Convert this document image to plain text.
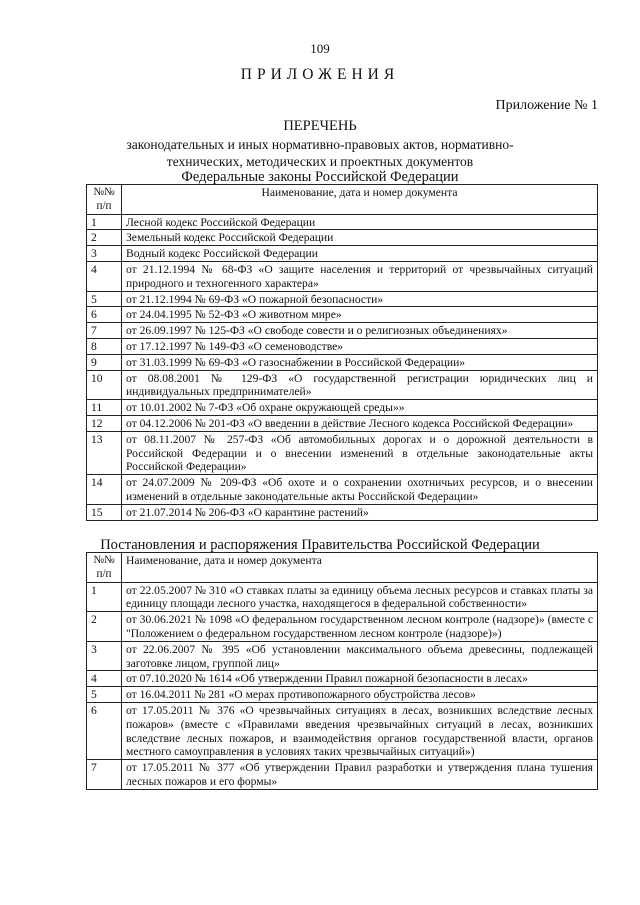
109
ПРИЛОЖЕНИЯ
Приложение № 1
ПЕРЕЧЕНЬ
законодательных и иных нормативно-правовых актов, нормативно-
технических, методических и проектных документов
Федеральные законы Российской Федерации
№№ п/п	Наименование, дата и номер документа
1	Лесной кодекс Российской Федерации
2	Земельный кодекс Российской Федерации
3	Водный кодекс Российской Федерации
4	от 21.12.1994 № 68-ФЗ «О защите населения и территорий от чрезвычайных ситуаций природного и техногенного характера»
5	от 21.12.1994 № 69-ФЗ «О пожарной безопасности»
6	от 24.04.1995 № 52-ФЗ «О животном мире»
7	от 26.09.1997 № 125-ФЗ «О свободе совести и о религиозных объединениях»
8	от 17.12.1997 № 149-ФЗ «О семеноводстве»
9	от 31.03.1999 № 69-ФЗ «О газоснабжении в Российской Федерации»
10	от 08.08.2001 № 129-ФЗ «О государственной регистрации юридических лиц и индивидуальных предпринимателей»
11	от 10.01.2002 № 7-ФЗ «Об охране окружающей среды»»
12	от 04.12.2006 № 201-ФЗ «О введении в действие Лесного кодекса Российской Федерации»
13	от 08.11.2007 № 257-ФЗ «Об автомобильных дорогах и о дорожной деятельности в Российской Федерации и о внесении изменений в отдельные законодательные акты Российской Федерации»
14	от 24.07.2009 № 209-ФЗ «Об охоте и о сохранении охотничьих ресурсов, и о внесении изменений в отдельные законодательные акты Российской Федерации»
15	от 21.07.2014 № 206-ФЗ «О карантине растений»
Постановления и распоряжения Правительства Российской Федерации
№№ п/п	Наименование, дата и номер документа
1	от 22.05.2007 № 310 «О ставках платы за единицу объема лесных ресурсов и ставках платы за единицу площади лесного участка, находящегося в федеральной собственности»
2	от 30.06.2021 № 1098 «О федеральном государственном лесном контроле (надзоре)» (вместе с "Положением о федеральном государственном лесном контроле (надзоре)»)
3	от 22.06.2007 № 395 «Об установлении максимального объема древесины, подлежащей заготовке лицом, группой лиц»
4	от 07.10.2020 № 1614 «Об утверждении Правил пожарной безопасности в лесах»
5	от 16.04.2011 № 281 «О мерах противопожарного обустройства лесов»
6	от 17.05.2011 № 376 «О чрезвычайных ситуациях в лесах, возникших вследствие лесных пожаров» (вместе с «Правилами введения чрезвычайных ситуаций в лесах, возникших вследствие лесных пожаров, и взаимодействия органов государственной власти, органов местного самоуправления в условиях таких чрезвычайных ситуаций»)
7	от 17.05.2011 № 377 «Об утверждении Правил разработки и утверждения плана тушения лесных пожаров и его формы»
